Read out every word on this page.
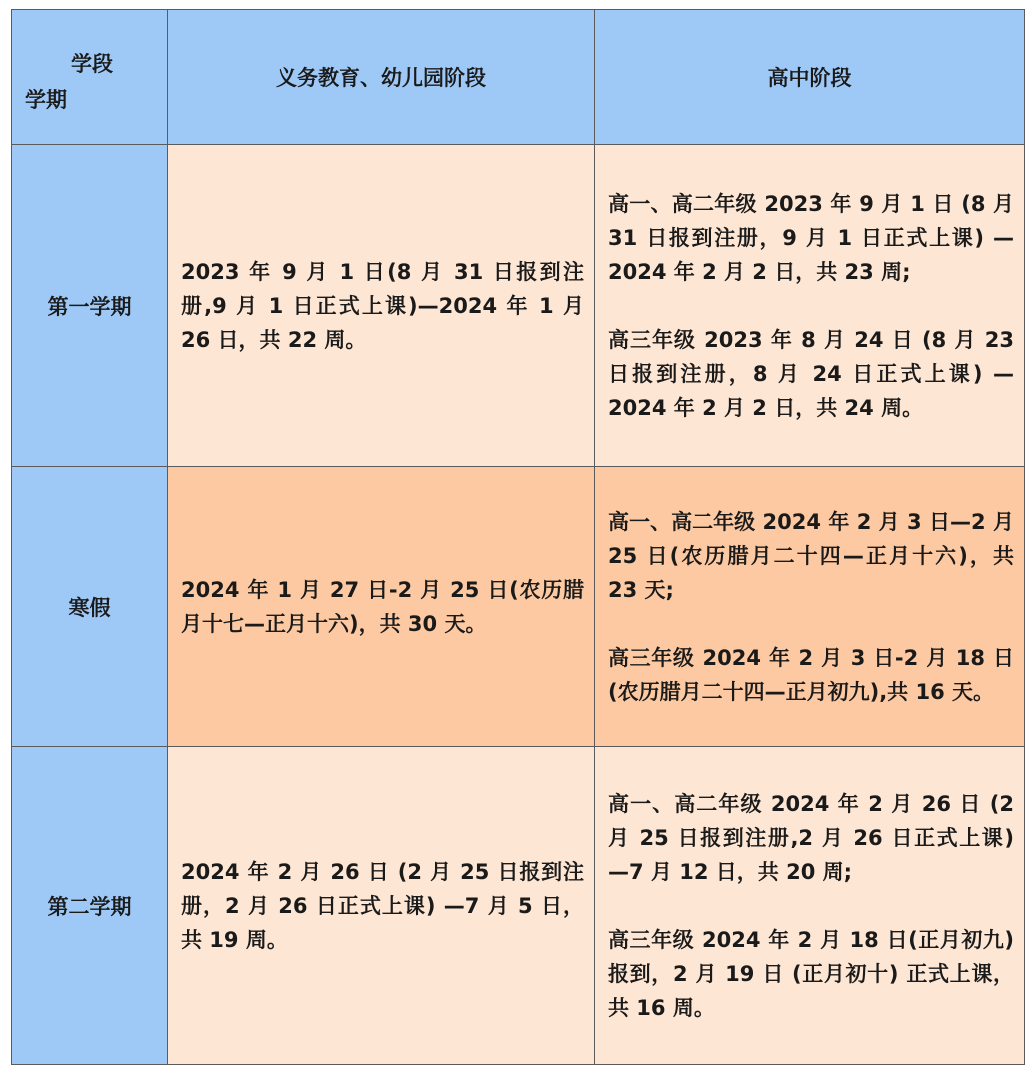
学段
学期	义务教育、幼儿园阶段	高中阶段
第一学期	2023 年 9 月 1 日(8 月 31 日报到注册,9 月 1 日正式上课)—2024 年 1 月 26 日，共 22 周。	高一、高二年级 2023 年 9 月 1 日 (8 月 31 日报到注册，9 月 1 日正式上课) —2024 年 2 月 2 日，共 23 周;

高三年级 2023 年 8 月 24 日 (8 月 23 日报到注册，8 月 24 日正式上课) —2024 年 2 月 2 日，共 24 周。

寒假	2024 年 1 月 27 日-2 月 25 日(农历腊月十七—正月十六)，共 30 天。	高一、高二年级 2024 年 2 月 3 日—2 月 25 日(农历腊月二十四—正月十六)，共 23 天;

高三年级 2024 年 2 月 3 日-2 月 18 日(农历腊月二十四—正月初九),共 16 天。

第二学期	2024 年 2 月 26 日 (2 月 25 日报到注册，2 月 26 日正式上课) —7 月 5 日，共 19 周。	高一、高二年级 2024 年 2 月 26 日 (2 月 25 日报到注册,2 月 26 日正式上课) —7 月 12 日，共 20 周;

高三年级 2024 年 2 月 18 日(正月初九)报到，2 月 19 日 (正月初十) 正式上课，共 16 周。
